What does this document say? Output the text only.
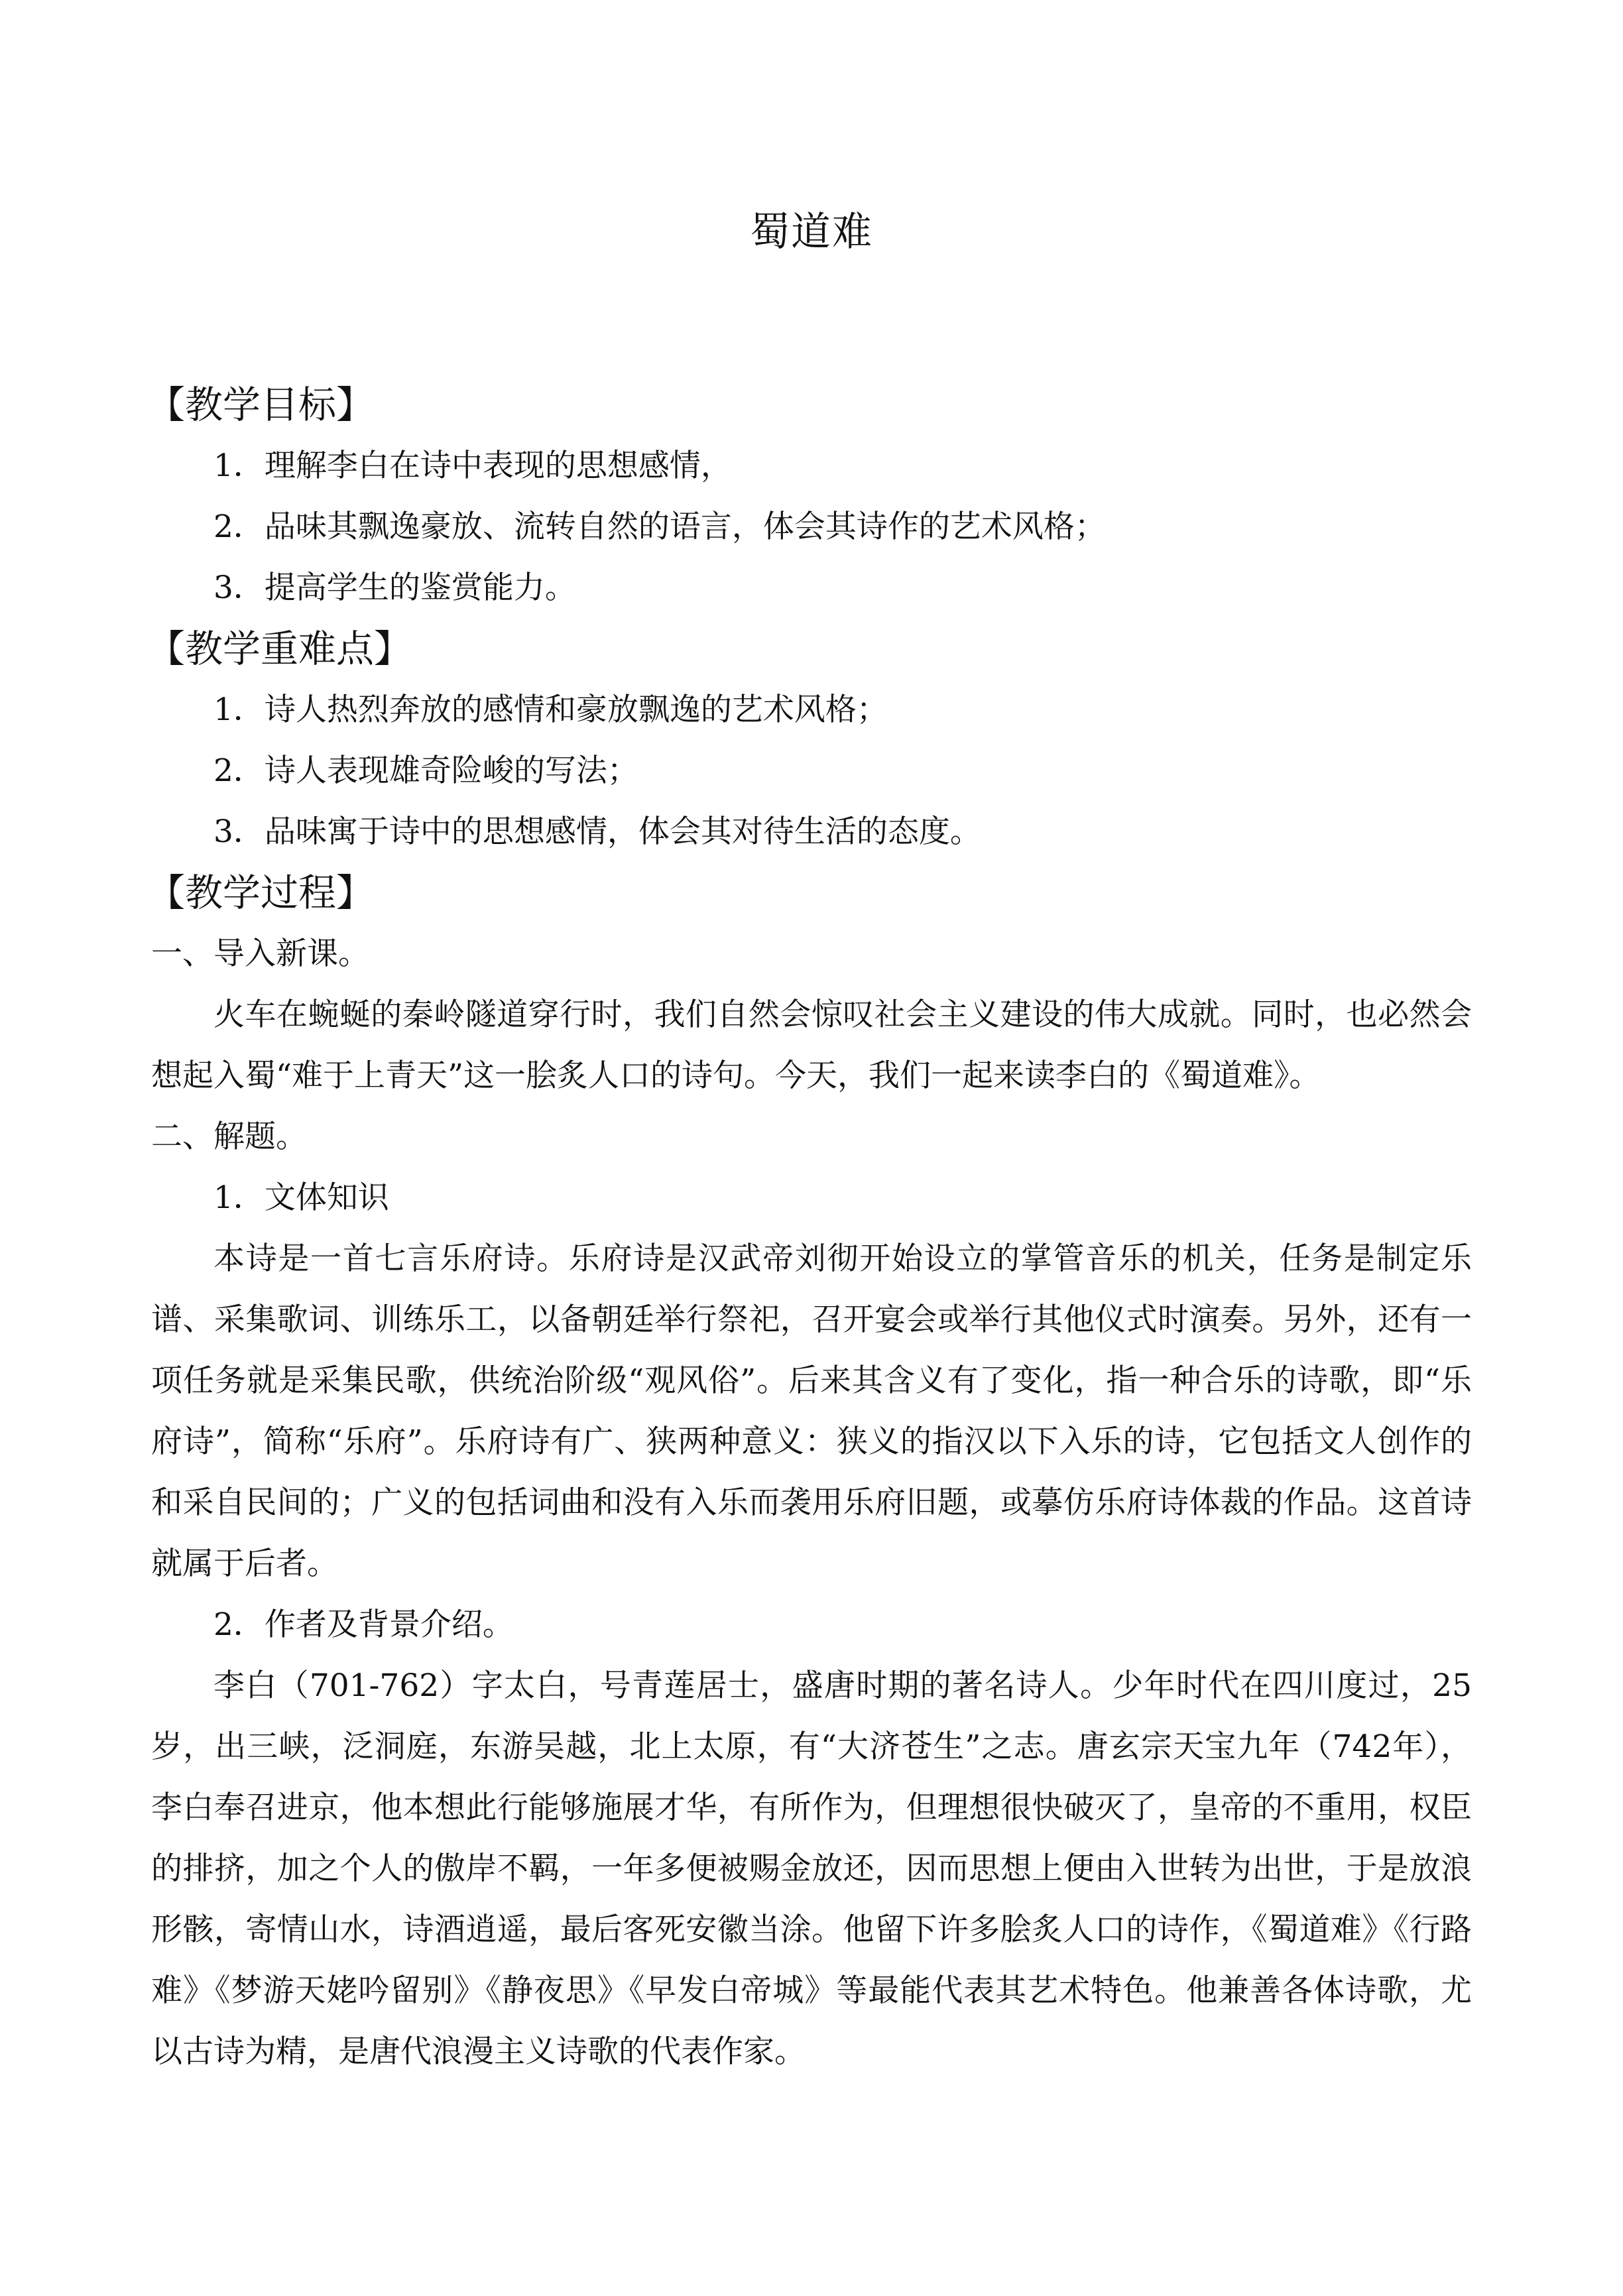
蜀道难
【教学目标】
1．理解李白在诗中表现的思想感情，
2．品味其飘逸豪放、流转自然的语言，体会其诗作的艺术风格；
3．提高学生的鉴赏能力。
【教学重难点】
1．诗人热烈奔放的感情和豪放飘逸的艺术风格；
2．诗人表现雄奇险峻的写法；
3．品味寓于诗中的思想感情，体会其对待生活的态度。
【教学过程】
一、导入新课。

火车在蜿蜒的秦岭隧道穿行时，我们自然会惊叹社会主义建设的伟大成就。同时，也必然会想起入蜀“难于上青天”这一脍炙人口的诗句。今天，我们一起来读李白的《蜀道难》。

二、解题。
1．文体知识

本诗是一首七言乐府诗。乐府诗是汉武帝刘彻开始设立的掌管音乐的机关，任务是制定乐谱、采集歌词、训练乐工，以备朝廷举行祭祀，召开宴会或举行其他仪式时演奏。另外，还有一项任务就是采集民歌，供统治阶级“观风俗”。后来其含义有了变化，指一种合乐的诗歌，即“乐府诗”，简称“乐府”。乐府诗有广、狭两种意义：狭义的指汉以下入乐的诗，它包括文人创作的和采自民间的；广义的包括词曲和没有入乐而袭用乐府旧题，或摹仿乐府诗体裁的作品。这首诗就属于后者。

2．作者及背景介绍。

李白（701-762）字太白，号青莲居士，盛唐时期的著名诗人。少年时代在四川度过，25岁，出三峡，泛洞庭，东游吴越，北上太原，有“大济苍生”之志。唐玄宗天宝九年（742年），李白奉召进京，他本想此行能够施展才华，有所作为，但理想很快破灭了，皇帝的不重用，权臣的排挤，加之个人的傲岸不羁，一年多便被赐金放还，因而思想上便由入世转为出世，于是放浪形骸，寄情山水，诗酒逍遥，最后客死安徽当涂。他留下许多脍炙人口的诗作，《蜀道难》《行路难》《梦游天姥吟留别》《静夜思》《早发白帝城》等最能代表其艺术特色。他兼善各体诗歌，尤以古诗为精，是唐代浪漫主义诗歌的代表作家。
